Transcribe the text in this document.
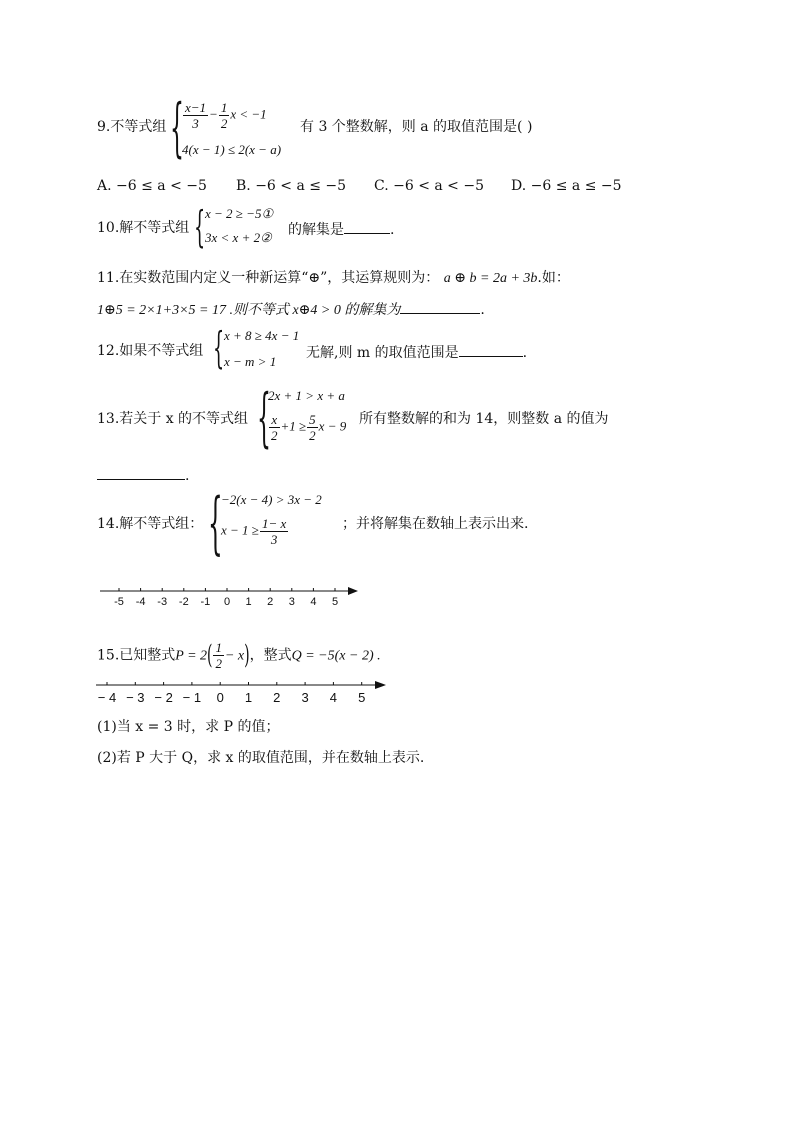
9.不等式组 { $\frac{x-1}{3} - \frac{1}{2}$ x < −1
4(x − 1) ≤ 2(x − a)
有 3 个整数解，则 a 的取值范围是( )
A. −6 ≤ a < −5 B. −6 < a ≤ −5 C. −6 < a < −5 D. −6 ≤ a ≤ −5
10.解不等式组 { x − 2 ≥ −5①
3x < x + 2② 的解集是	.
11.在实数范围内定义一种新运算“⊕”，其运算规则为： a ⊕ b = 2a + 3b.如：
1⊕5 = 2×1+3×5 = 17 .则不等式 x⊕4 > 0 的解集为	.
12.如果不等式组 { x + 8 ≥ 4x − 1
x − m > 1
无解,则 m 的取值范围是	.
13.若关于 x 的不等式组 {
2x + 1 > x + a
$\frac{x}{2} +1 \ge \frac{5}{2}$ x − 9 所有整数解的和为 14，则整数 a 的值为
.
14.解不等式组： {
−2(x − 4) > 3x − 2
$x - 1 \ge \frac{1- x}{3}$	；并将解集在数轴上表示出来.
-5 -4 -3 -2 -1 0 1 2 3 4 5
15.已知整式$P = 2( \frac{1}{2} - x)$，整式Q = −5(x − 2) .
− 4 − 3 − 2 − 1 0 1 2 3 4 5
(1)当 x = 3 时，求 P 的值；
(2)若 P 大于 Q，求 x 的取值范围，并在数轴上表示.
